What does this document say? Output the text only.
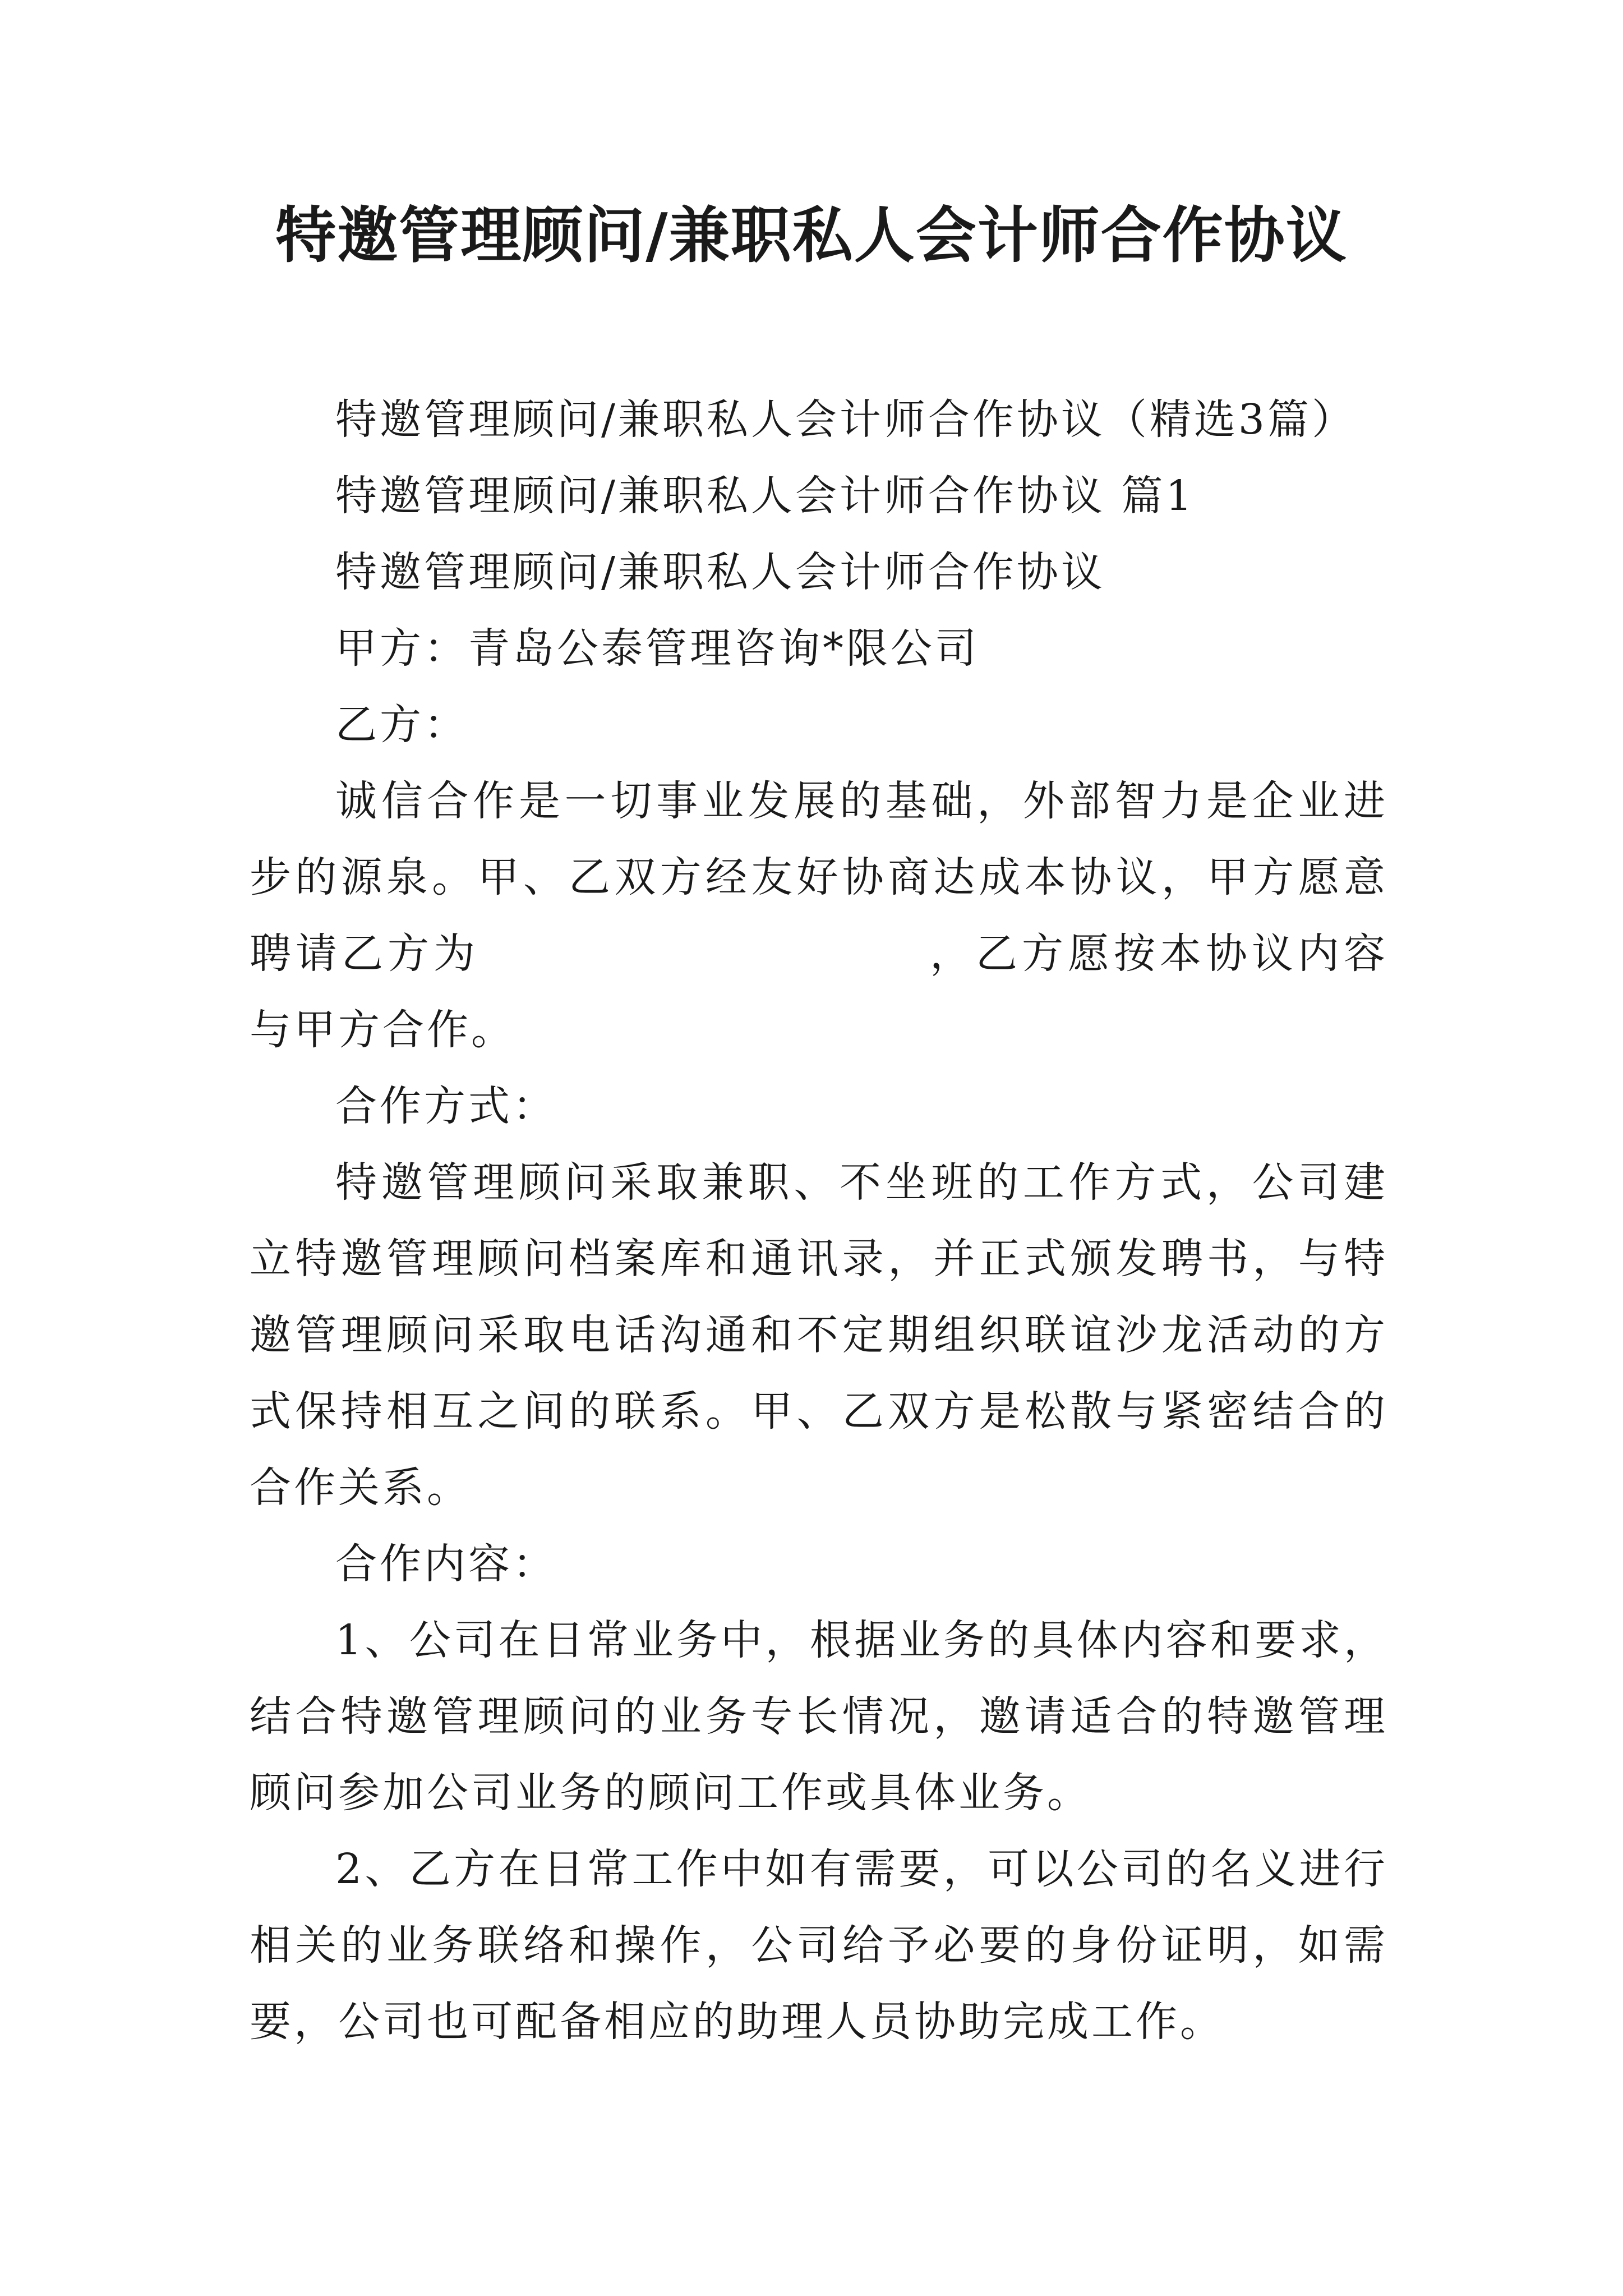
特邀管理顾问/兼职私人会计师合作协议

特邀管理顾问/兼职私人会计师合作协议（精选3篇）

特邀管理顾问/兼职私人会计师合作协议 篇1

特邀管理顾问/兼职私人会计师合作协议

甲方：青岛公泰管理咨询*限公司

乙方：

诚信合作是一切事业发展的基础，外部智力是企业进步的源泉。甲、乙双方经友好协商达成本协议，甲方愿意聘请乙方为	，乙方愿按本协议内容与甲方合作。

合作方式：

特邀管理顾问采取兼职、不坐班的工作方式，公司建立特邀管理顾问档案库和通讯录，并正式颁发聘书，与特邀管理顾问采取电话沟通和不定期组织联谊沙龙活动的方式保持相互之间的联系。甲、乙双方是松散与紧密结合的合作关系。

合作内容：

1、公司在日常业务中，根据业务的具体内容和要求，结合特邀管理顾问的业务专长情况，邀请适合的特邀管理顾问参加公司业务的顾问工作或具体业务。

2、乙方在日常工作中如有需要，可以公司的名义进行相关的业务联络和操作，公司给予必要的身份证明，如需要，公司也可配备相应的助理人员协助完成工作。
